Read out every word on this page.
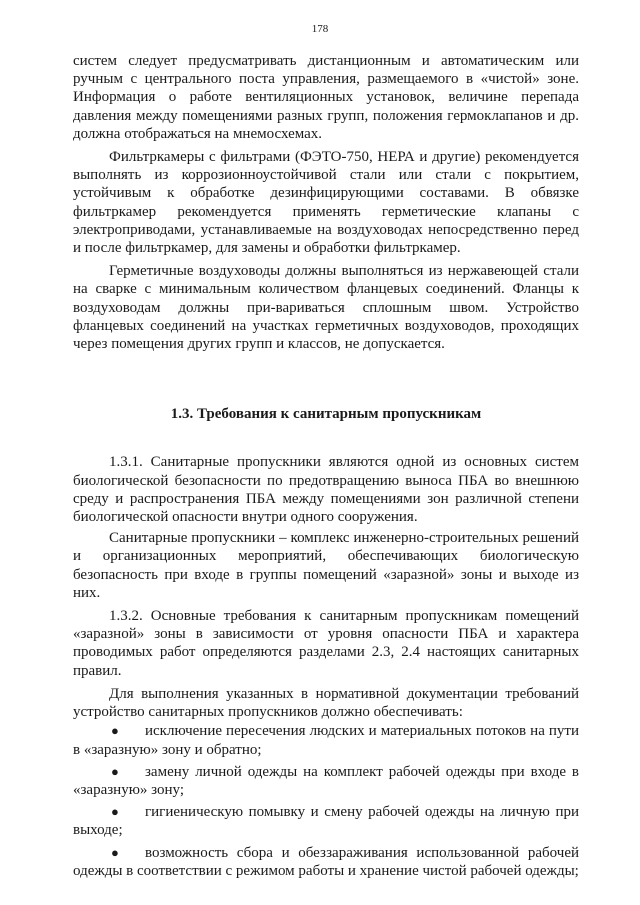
178

систем следует предусматривать дистанционным и автоматическим или ручным с центрального поста управления, размещаемого в «чистой» зоне. Информация о работе вентиляционных установок, величине перепада давления между помещениями разных групп, положения гермоклапанов и др. должна отображаться на мнемосхемах.

Фильтркамеры с фильтрами (ФЭТО-750, НЕРА и другие) рекомендуется выполнять из коррозионноустойчивой стали или стали с покрытием, устойчивым к обработке дезинфицирующими составами. В обвязке фильтркамер рекомендуется применять герметические клапаны с электроприводами, устанавливаемые на воздуховодах непосредственно перед и после фильтркамер, для замены и обработки фильтркамер.

Герметичные воздуховоды должны выполняться из нержавеющей стали на сварке с минимальным количеством фланцевых соединений. Фланцы к воздуховодам должны при-вариваться сплошным швом. Устройство фланцевых соединений на участках герметичных воздуховодов, проходящих через помещения других групп и классов, не допускается.

1.3. Требования к санитарным пропускникам

1.3.1. Санитарные пропускники являются одной из основных систем биологической безопасности по предотвращению выноса ПБА во внешнюю среду и распространения ПБА между помещениями зон различной степени биологической опасности внутри одного сооружения.

Санитарные пропускники – комплекс инженерно-строительных решений и организационных мероприятий, обеспечивающих биологическую безопасность при входе в группы помещений «заразной» зоны и выходе из них.

1.3.2. Основные требования к санитарным пропускникам помещений «заразной» зоны в зависимости от уровня опасности ПБА и характера проводимых работ определяются разделами 2.3, 2.4 настоящих санитарных правил.

Для выполнения указанных в нормативной документации требований устройство санитарных пропускников должно обеспечивать:

● исключение пересечения людских и материальных потоков на пути в «заразную» зону и обратно;
● замену личной одежды на комплект рабочей одежды при входе в «заразную» зону;
● гигиеническую помывку и смену рабочей одежды на личную при выходе;
● возможность сбора и обеззараживания использованной рабочей одежды в соответствии с режимом работы и хранение чистой рабочей одежды;
